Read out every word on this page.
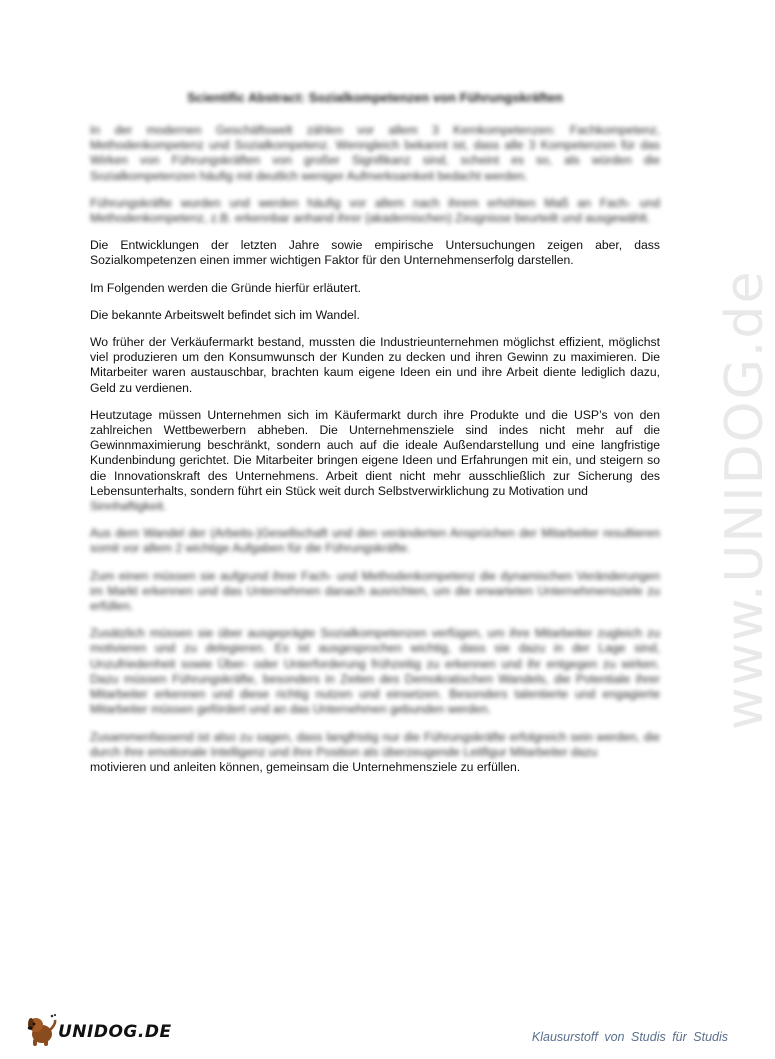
Scientific Abstract: Sozialkompetenzen von Führungskräften

In der modernen Geschäftswelt zählen vor allem 3 Kernkompetenzen: Fachkompetenz, Methodenkompetenz und Sozialkompetenz. Wenngleich bekannt ist, dass alle 3 Kompetenzen für das Wirken von Führungskräften von großer Signifikanz sind, scheint es so, als würden die Sozialkompetenzen häufig mit deutlich weniger Aufmerksamkeit bedacht werden.

Führungskräfte wurden und werden häufig vor allem nach ihrem erhöhten Maß an Fach- und Methodenkompetenz, z.B. erkennbar anhand ihrer (akademischen) Zeugnisse beurteilt und ausgewählt.

Die Entwicklungen der letzten Jahre sowie empirische Untersuchungen zeigen aber, dass Sozialkompetenzen einen immer wichtigen Faktor für den Unternehmenserfolg darstellen.

Im Folgenden werden die Gründe hierfür erläutert.

Die bekannte Arbeitswelt befindet sich im Wandel.

Wo früher der Verkäufermarkt bestand, mussten die Industrieunternehmen möglichst effizient, möglichst viel produzieren um den Konsumwunsch der Kunden zu decken und ihren Gewinn zu maximieren. Die Mitarbeiter waren austauschbar, brachten kaum eigene Ideen ein und ihre Arbeit diente lediglich dazu, Geld zu verdienen.

Heutzutage müssen Unternehmen sich im Käufermarkt durch ihre Produkte und die USP’s von den zahlreichen Wettbewerbern abheben. Die Unternehmensziele sind indes nicht mehr auf die Gewinnmaximierung beschränkt, sondern auch auf die ideale Außendarstellung und eine langfristige Kundenbindung gerichtet. Die Mitarbeiter bringen eigene Ideen und Erfahrungen mit ein, und steigern so die Innovationskraft des Unternehmens. Arbeit dient nicht mehr ausschließlich zur Sicherung des Lebensunterhalts, sondern führt ein Stück weit durch Selbstverwirklichung zu Motivation und

Sinnhaftigkeit.

Aus dem Wandel der (Arbeits-)Gesellschaft und den veränderten Ansprüchen der Mitarbeiter resultieren somit vor allem 2 wichtige Aufgaben für die Führungskräfte.

Zum einen müssen sie aufgrund ihrer Fach- und Methodenkompetenz die dynamischen Veränderungen im Markt erkennen und das Unternehmen danach ausrichten, um die erwarteten Unternehmensziele zu erfüllen.

Zusätzlich müssen sie über ausgeprägte Sozialkompetenzen verfügen, um ihre Mitarbeiter zugleich zu motivieren und zu delegieren. Es ist ausgesprochen wichtig, dass sie dazu in der Lage sind, Unzufriedenheit sowie Über- oder Unterforderung frühzeitig zu erkennen und ihr entgegen zu wirken. Dazu müssen Führungskräfte, besonders in Zeiten des Demokratischen Wandels, die Potentiale ihrer Mitarbeiter erkennen und diese richtig nutzen und einsetzen. Besonders talentierte und engagierte Mitarbeiter müssen gefördert und an das Unternehmen gebunden werden.

Zusammenfassend ist also zu sagen, dass langfristig nur die Führungskräfte erfolgreich sein werden, die durch ihre emotionale Intelligenz und ihre Position als überzeugende Leitfigur Mitarbeiter dazu

motivieren und anleiten können, gemeinsam die Unternehmensziele zu erfüllen.

www.UNIDOG.de
UNIDOG.DE	Klausurstoff von Studis für Studis
